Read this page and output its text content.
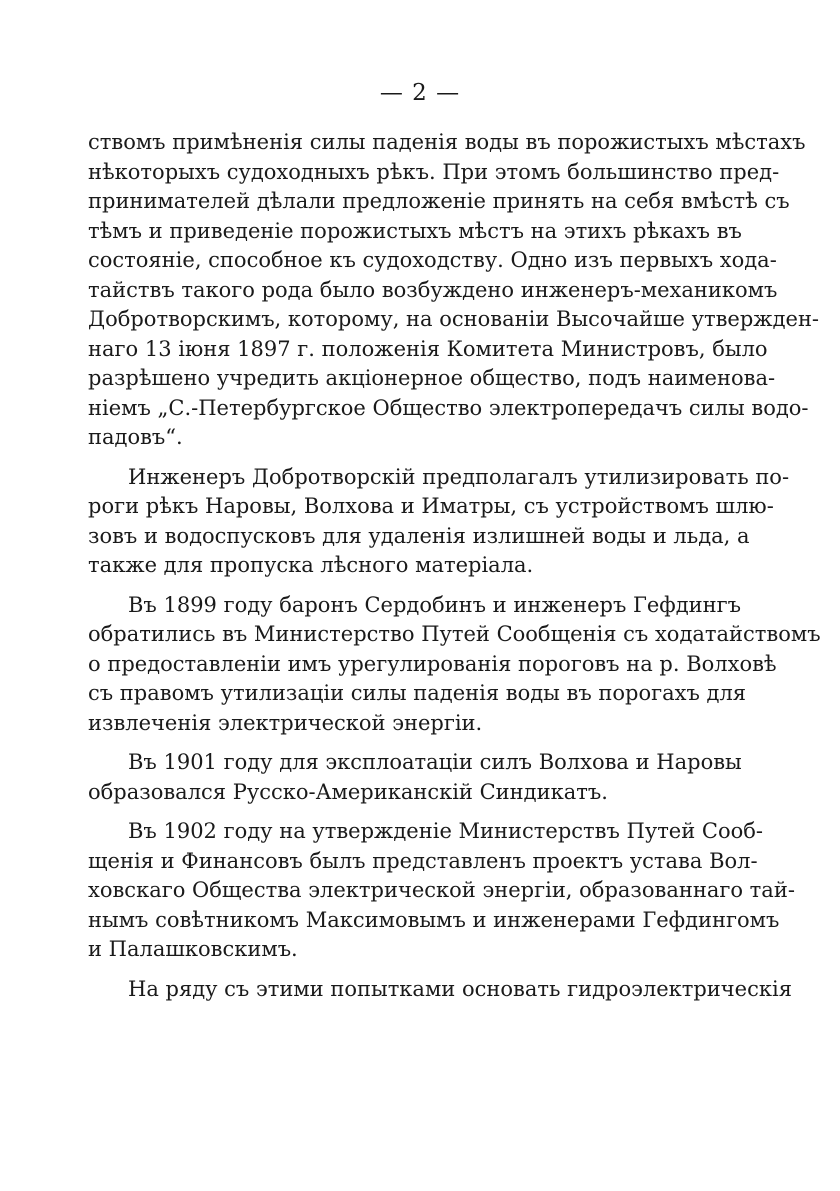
— 2 —
ствомъ примѣненія силы паденія воды въ порожистыхъ мѣстахъ
нѣкоторыхъ судоходныхъ рѣкъ. При этомъ большинство пред-
принимателей дѣлали предложеніе принять на себя вмѣстѣ съ
тѣмъ и приведеніе порожистыхъ мѣстъ на этихъ рѣкахъ въ
состояніе, способное къ судоходству. Одно изъ первыхъ хода-
тайствъ такого рода было возбуждено инженеръ-механикомъ
Добротворскимъ, которому, на основаніи Высочайше утвержден-
наго 13 іюня 1897 г. положенія Комитета Министровъ, было
разрѣшено учредить акціонерное общество, подъ наименова-
ніемъ „С.-Петербургское Общество электропередачъ силы водо-
падовъ“.
Инженеръ Добротворскій предполагалъ утилизировать по-
роги рѣкъ Наровы, Волхова и Иматры, съ устройствомъ шлю-
зовъ и водоспусковъ для удаленія излишней воды и льда, а
также для пропуска лѣсного матеріала.
Въ 1899 году баронъ Сердобинъ и инженеръ Гефдингъ
обратились въ Министерство Путей Сообщенія съ ходатайствомъ
о предоставленіи имъ урегулированія пороговъ на р. Волховѣ
съ правомъ утилизаціи силы паденія воды въ порогахъ для
извлеченія электрической энергіи.
Въ 1901 году для эксплоатаціи силъ Волхова и Наровы
образовался Русско-Американскій Синдикатъ.
Въ 1902 году на утвержденіе Министерствъ Путей Сооб-
щенія и Финансовъ былъ представленъ проектъ устава Вол-
ховскаго Общества электрической энергіи, образованнаго тай-
нымъ совѣтникомъ Максимовымъ и инженерами Гефдингомъ
и Палашковскимъ.
На ряду съ этими попытками основать гидроэлектрическія
